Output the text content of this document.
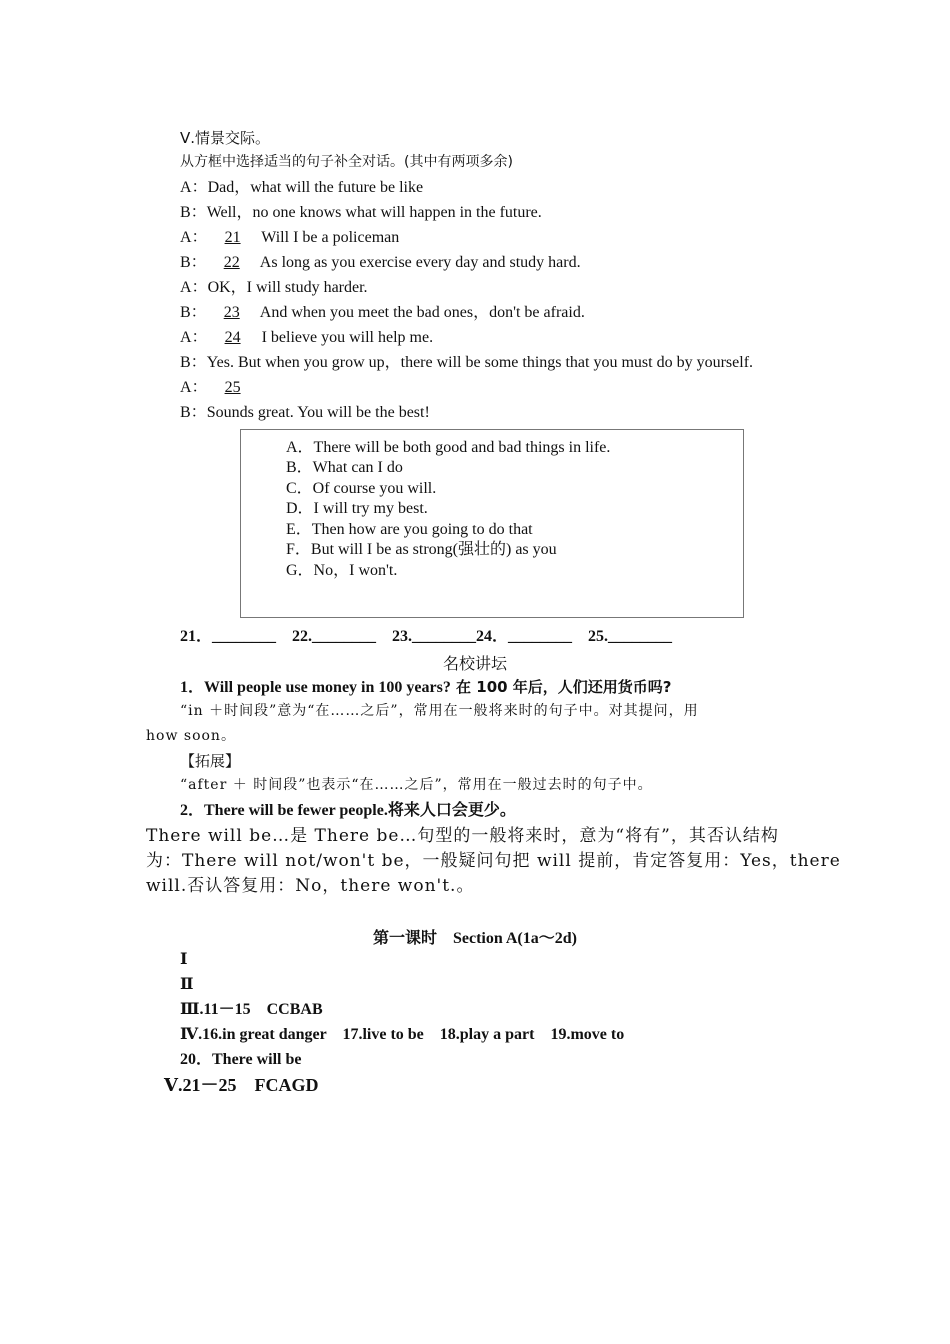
Ⅴ.情景交际。
从方框中选择适当的句子补全对话。(其中有两项多余)
A：Dad，what will the future be like
B：Well，no one knows what will happen in the future.
A： 21 Will I be a policeman
B： 22 As long as you exercise every day and study hard.
A：OK，I will study harder.
B： 23 And when you meet the bad ones，don't be afraid.
A： 24 I believe you will help me.
B：Yes. But when you grow up，there will be some things that you must do by yourself.
A： 25
B：Sounds great. You will be the best!
A．There will be both good and bad things in life.
B．What can I do
C．Of course you will.
D．I will try my best.
E．Then how are you going to do that
F．But will I be as strong(强壮的) as you
G．No，I won't.
21．________　22.________　23.________24．________　25.________
名校讲坛
1．Will people use money in 100 years? 在 100 年后，人们还用货币吗?
“in ＋时间段”意为“在……之后”，常用在一般将来时的句子中。对其提问，用
how soon。
【拓展】
“after ＋ 时间段”也表示“在……之后”，常用在一般过去时的句子中。
2．There will be fewer people.将来人口会更少。
There will be…是 There be…句型的一般将来时，意为“将有”，其否认结构
为：There will not/won't be，一般疑问句把 will 提前，肯定答复用：Yes，there
will.否认答复用：No，there won't.。
第一课时　Section A(1a～2d)
Ⅰ
Ⅱ
Ⅲ.11－15　CCBAB
Ⅳ.16.in great danger　17.live to be　18.play a part　19.move to
20．There will be
Ⅴ.21－25　FCAGD
